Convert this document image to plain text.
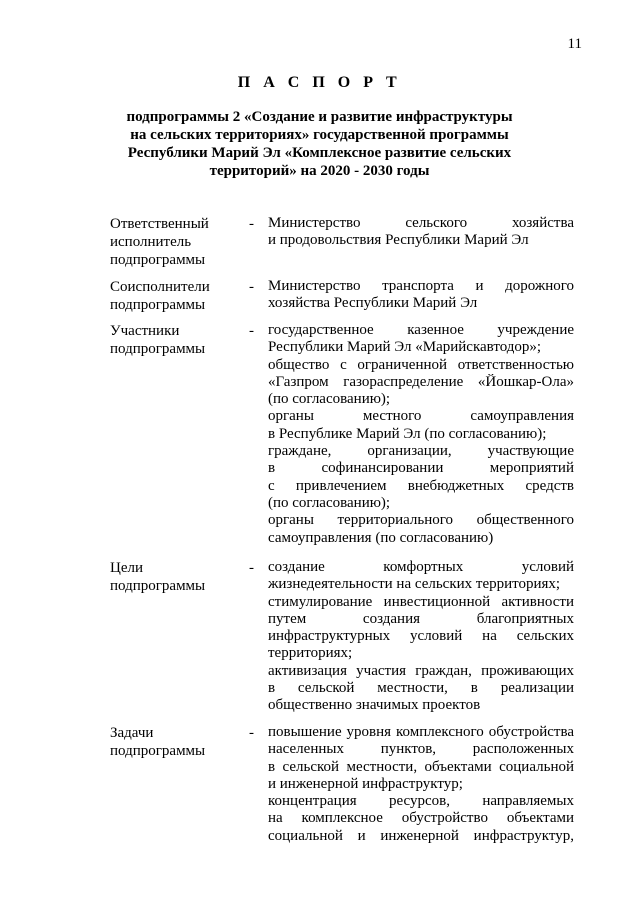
11
П А С П О Р Т
подпрограммы 2 «Создание и развитие инфраструктуры
на сельских территориях» государственной программы
Республики Марий Эл «Комплексное развитие сельских
территорий» на 2020 - 2030 годы
Ответственный
исполнитель
подпрограммы
- Министерство сельского хозяйства
и продовольствия Республики Марий Эл
Соисполнители
подпрограммы
- Министерство транспорта и дорожного
хозяйства Республики Марий Эл
Участники
подпрограммы
- государственное казенное учреждение
Республики Марий Эл «Марийскавтодор»;
общество с ограниченной ответственностью
«Газпром газораспределение «Йошкар-Ола»
(по согласованию);
органы местного самоуправления
в Республике Марий Эл (по согласованию);
граждане, организации, участвующие
в софинансировании мероприятий
с привлечением внебюджетных средств
(по согласованию);
органы территориального общественного
самоуправления (по согласованию)
Цели
подпрограммы
- создание комфортных условий
жизнедеятельности на сельских территориях;
стимулирование инвестиционной активности
путем создания благоприятных
инфраструктурных условий на сельских
территориях;
активизация участия граждан, проживающих
в сельской местности, в реализации
общественно значимых проектов
Задачи
подпрограммы
- повышение уровня комплексного обустройства
населенных пунктов, расположенных
в сельской местности, объектами социальной
и инженерной инфраструктур;
концентрация ресурсов, направляемых
на комплексное обустройство объектами
социальной и инженерной инфраструктур,
